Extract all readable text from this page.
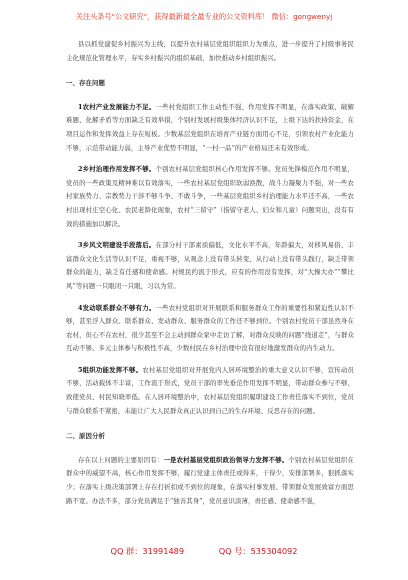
关注头条号"公文研究"，获得最新最全最专业的公文资料库！ 微信：gongwenyj

县以抓党建促乡村振兴为主线，以提升农村基层党组织组织力为重点，进一步提升了村级事务民主化规范化管理水平，夯实乡村振兴的组织基础，加快推动乡村组织振兴。

一、存在问题

1农村产业发展能力不足。一些村党组织工作主动性不强、作用发挥不明显，在落实政策、破解难题、化解矛盾等方面缺乏有效举措，个别村发展村级集体经济认识不足，上级下达的扶持资金，在项目运作和发挥效益上存在短板。少数基层党组织在培育产业链方面用心不足，引领农村产业化能力不够，示范带动能力弱，主导产业优势不明显，“一村一品”的产业格局还未有效形成。

2乡村治理作用发挥不够。个别农村基层党组织核心作用发挥不够。党员先锋模范作用不明显，党员的一些政策及精神难以有效落实，一些农村基层党组织软弱涣散，战斗力凝聚力不强，对一些农村家族势力、宗教势力干涉不够斗争、不敢斗争，一些基层党组织乡村治理能力水平还不高，一些农村出现村庄空心化、农民老龄化现象，农村“三留守”（指留守老人、妇女和儿童）问题突出，没有有效的措施加以解决。

3乡风文明建设手段落后。在部分村干部素质偏低，文化水平不高，年龄偏大，对移风易俗、丰富群众文化生活等认识不足，重视不够，从观念上没有带头转变，从行动上没有带头践行，缺乏带领群众的能力，缺乏有任感和使命感。村规民约流于形式，应有的作用没有发挥，对“大操大办”“攀比风”等问题一只眼闭一只眼，习以为常。

4发动联系群众不够有力。一些农村党组织对开展联系和服务群众工作的重要性和紧迫性认识不够，甚至浮入群众、联系群众、发动群众、服务群众的工作还不够到位。个别农村党员干部虽然身在农村，但心不在农村，很少甚至不会主动到群众家中走访了解，对群众反映的问题“绕道走”，与群众互动不够。多元主体参与积极性不高，少数村民在乡村治理中没有很好地激发群众的内生动力。

5组织功能发挥不够。农村基层党组织对开展党内人居环境整治的重大意义认识不够，宣传动员不够，活动载体不丰富，工作流于形式，党员干部的率先垂范作用发挥不明显，带动群众参与不够，致使党员、村民知晓率低。在人居环境整治中，农村基层党组织履职建设工作责任落实不到位，党员与群众联系不紧密，未能让广大人民群众真正认识到自己的生存环境、反思存在的问题。

二、原因分析

存在以上问题的主要原因有：一是农村基层党组织政治领导力发挥不够。个别农村基层党组织在群众中的威望不高，核心作用发挥不够，履行党建主体责任或得多，干得少，安排部署多，狠抓落实少；在落实上级决策部署上存在打折扣或不到位的现象，在落实村事发展、带领群众发展致富方面思路不宽。办法不多，部分党员满足于“独善其身”，党员意识淡薄，责任感、使命感不强，

QQ 群：31991489	QQ 号：535304092
